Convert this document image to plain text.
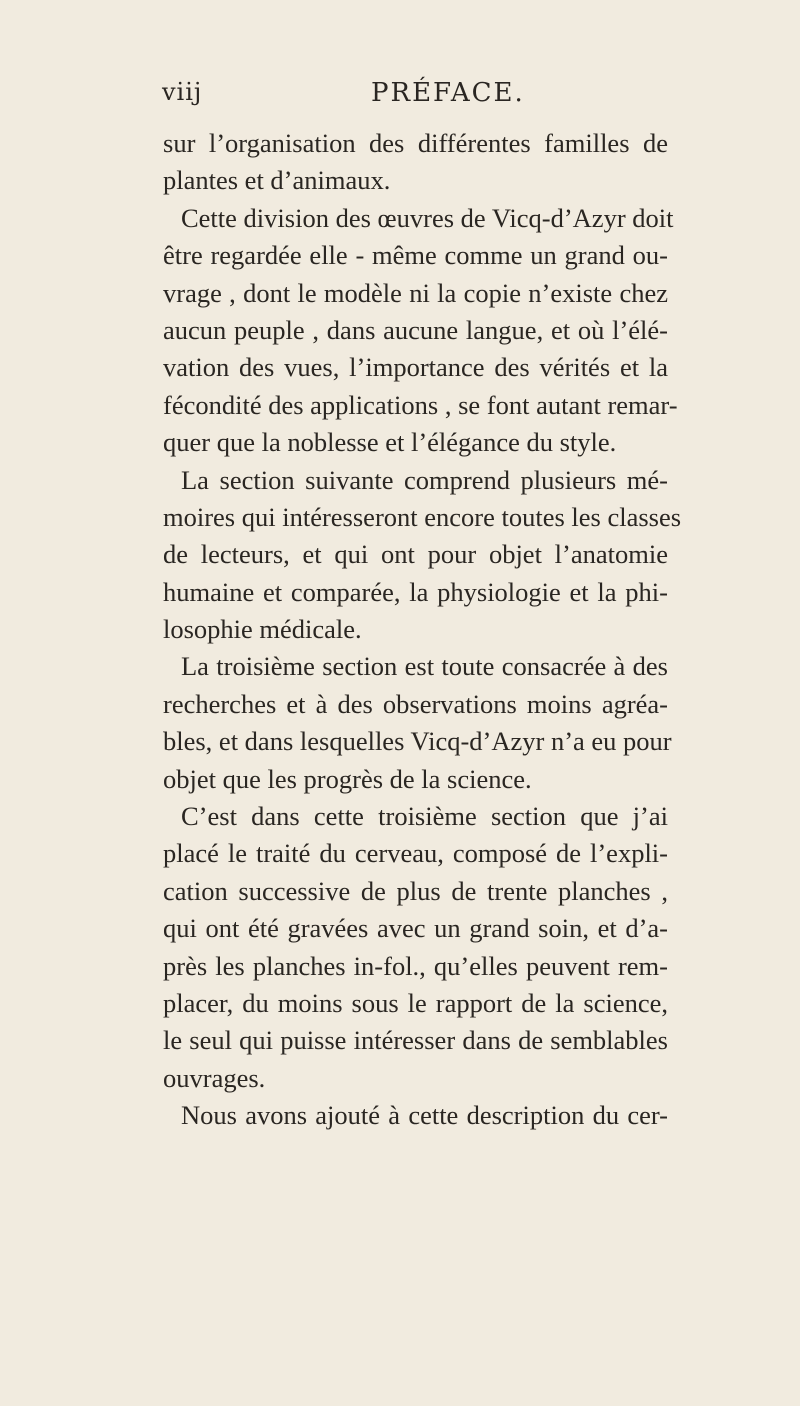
viij	PRÉFACE.
sur l’organisation des différentes familles de
plantes et d’animaux.
Cette division des œuvres de Vicq-d’Azyr doit
être regardée elle - même comme un grand ou-
vrage , dont le modèle ni la copie n’existe chez
aucun peuple , dans aucune langue, et où l’élé-
vation des vues, l’importance des vérités et la
fécondité des applications , se font autant remar-
quer que la noblesse et l’élégance du style.
La section suivante comprend plusieurs mé-
moires qui intéresseront encore toutes les classes
de lecteurs, et qui ont pour objet l’anatomie
humaine et comparée, la physiologie et la phi-
losophie médicale.
La troisième section est toute consacrée à des
recherches et à des observations moins agréa-
bles, et dans lesquelles Vicq-d’Azyr n’a eu pour
objet que les progrès de la science.
C’est dans cette troisième section que j’ai
placé le traité du cerveau, composé de l’expli-
cation successive de plus de trente planches ,
qui ont été gravées avec un grand soin, et d’a-
près les planches in-fol., qu’elles peuvent rem-
placer, du moins sous le rapport de la science,
le seul qui puisse intéresser dans de semblables
ouvrages.
Nous avons ajouté à cette description du cer-
